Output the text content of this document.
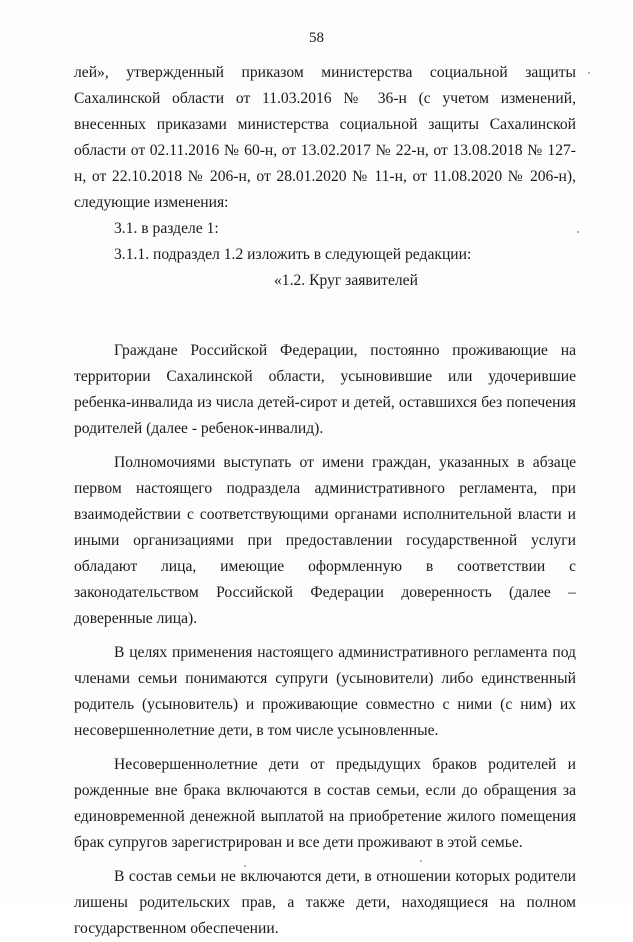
58

лей», утвержденный приказом министерства социальной защиты Сахалинской области от 11.03.2016 № 36-н (с учетом изменений, внесенных приказами министерства социальной защиты Сахалинской области от 02.11.2016 № 60-н, от 13.02.2017 № 22-н, от 13.08.2018 № 127-н, от 22.10.2018 № 206-н, от 28.01.2020 № 11-н, от 11.08.2020 № 206-н), следующие изменения:

3.1. в разделе 1:

3.1.1. подраздел 1.2 изложить в следующей редакции:

«1.2. Круг заявителей

Граждане Российской Федерации, постоянно проживающие на территории Сахалинской области, усыновившие или удочерившие ребенка-инвалида из числа детей-сирот и детей, оставшихся без попечения родителей (далее - ребенок-инвалид).

Полномочиями выступать от имени граждан, указанных в абзаце первом настоящего подраздела административного регламента, при взаимодействии с соответствующими органами исполнительной власти и иными организациями при предоставлении государственной услуги обладают лица, имеющие оформленную в соответствии с законодательством Российской Федерации доверенность (далее – доверенные лица).

В целях применения настоящего административного регламента под членами семьи понимаются супруги (усыновители) либо единственный родитель (усыновитель) и проживающие совместно с ними (с ним) их несовершеннолетние дети, в том числе усыновленные.

Несовершеннолетние дети от предыдущих браков родителей и рожденные вне брака включаются в состав семьи, если до обращения за единовременной денежной выплатой на приобретение жилого помещения брак супругов зарегистрирован и все дети проживают в этой семье.

В состав семьи не включаются дети, в отношении которых родители лишены родительских прав, а также дети, находящиеся на полном государственном обеспечении.
